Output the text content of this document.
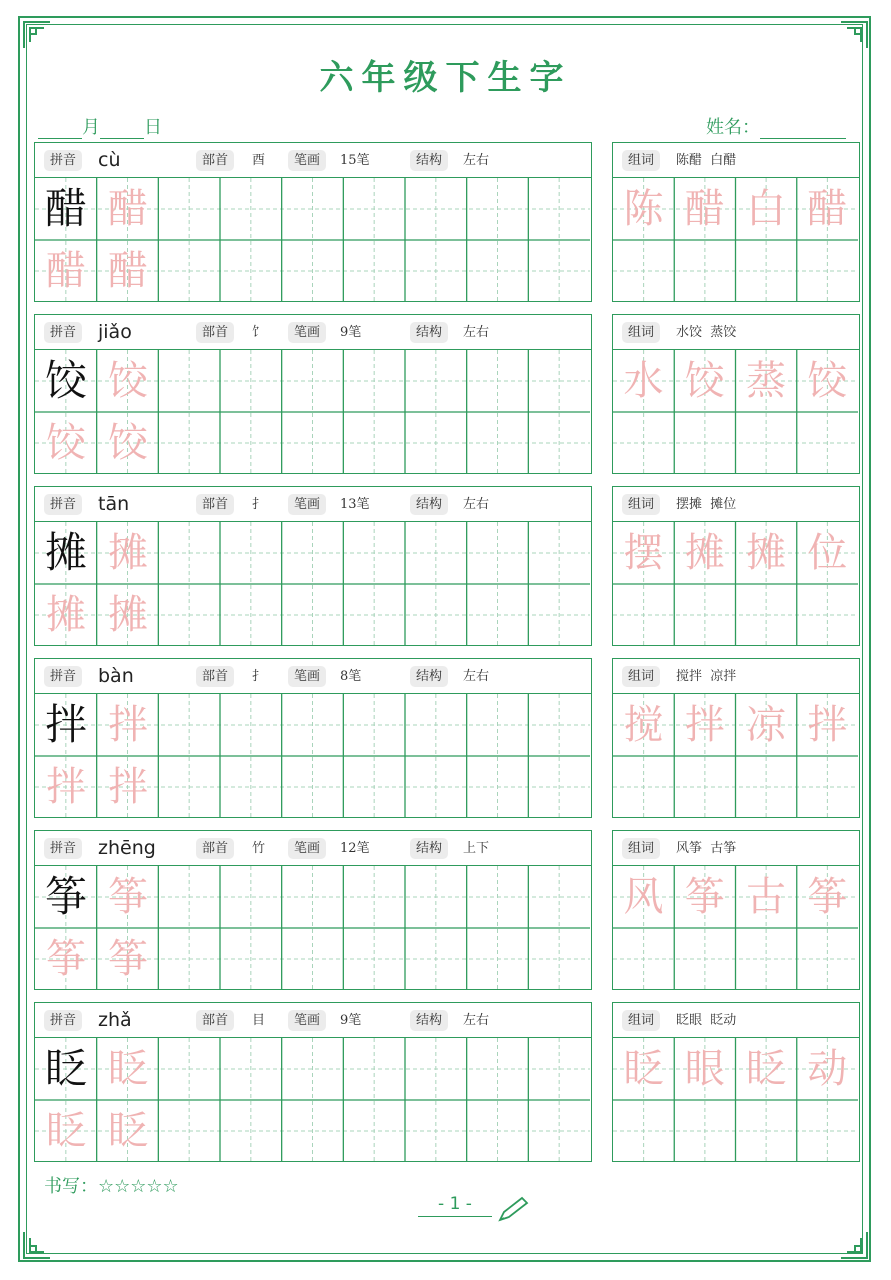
六年级下生字
月 日	姓名：
拼音	cù	部首	酉	笔画	15笔	结构	左右
醋 醋
醋 醋
组词	陈醋  白醋
陈 醋 白 醋
拼音	jiǎo	部首	饣	笔画	9笔	结构	左右
饺 饺
饺 饺
组词	水饺  蒸饺
水 饺 蒸 饺
拼音	tān	部首	扌	笔画	13笔	结构	左右
摊 摊
摊 摊
组词	摆摊  摊位
摆 摊 摊 位
拼音	bàn	部首	扌	笔画	8笔	结构	左右
拌 拌
拌 拌
组词	搅拌  凉拌
搅 拌 凉 拌
拼音	zhēng	部首	竹	笔画	12笔	结构	上下
筝 筝
筝 筝
组词	风筝  古筝
风 筝 古 筝
拼音	zhǎ	部首	目	笔画	9笔	结构	左右
眨 眨
眨 眨
组词	眨眼  眨动
眨 眼 眨 动
书写：☆☆☆☆☆
- 1 -
